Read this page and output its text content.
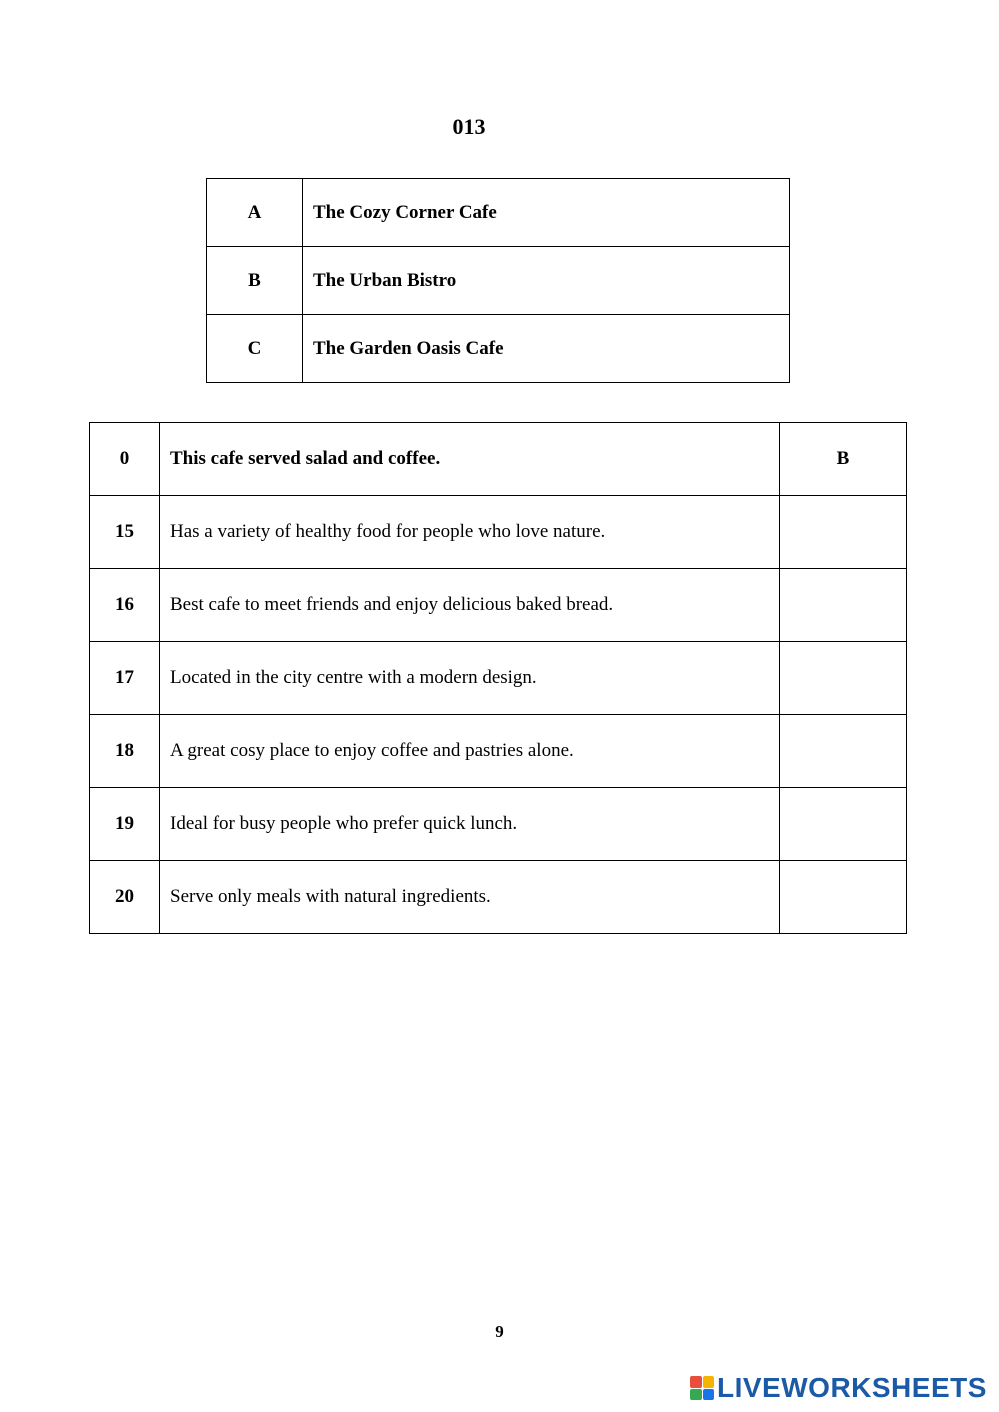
013
A	The Cozy Corner Cafe
B	The Urban Bistro
C	The Garden Oasis Cafe
0	This cafe served salad and coffee.	B
15	Has a variety of healthy food for people who love nature.	
16	Best cafe to meet friends and enjoy delicious baked bread.	
17	Located in the city centre with a modern design.	
18	A great cosy place to enjoy coffee and pastries alone.	
19	Ideal for busy people who prefer quick lunch.	
20	Serve only meals with natural ingredients.	
9
LIVEWORKSHEETS
